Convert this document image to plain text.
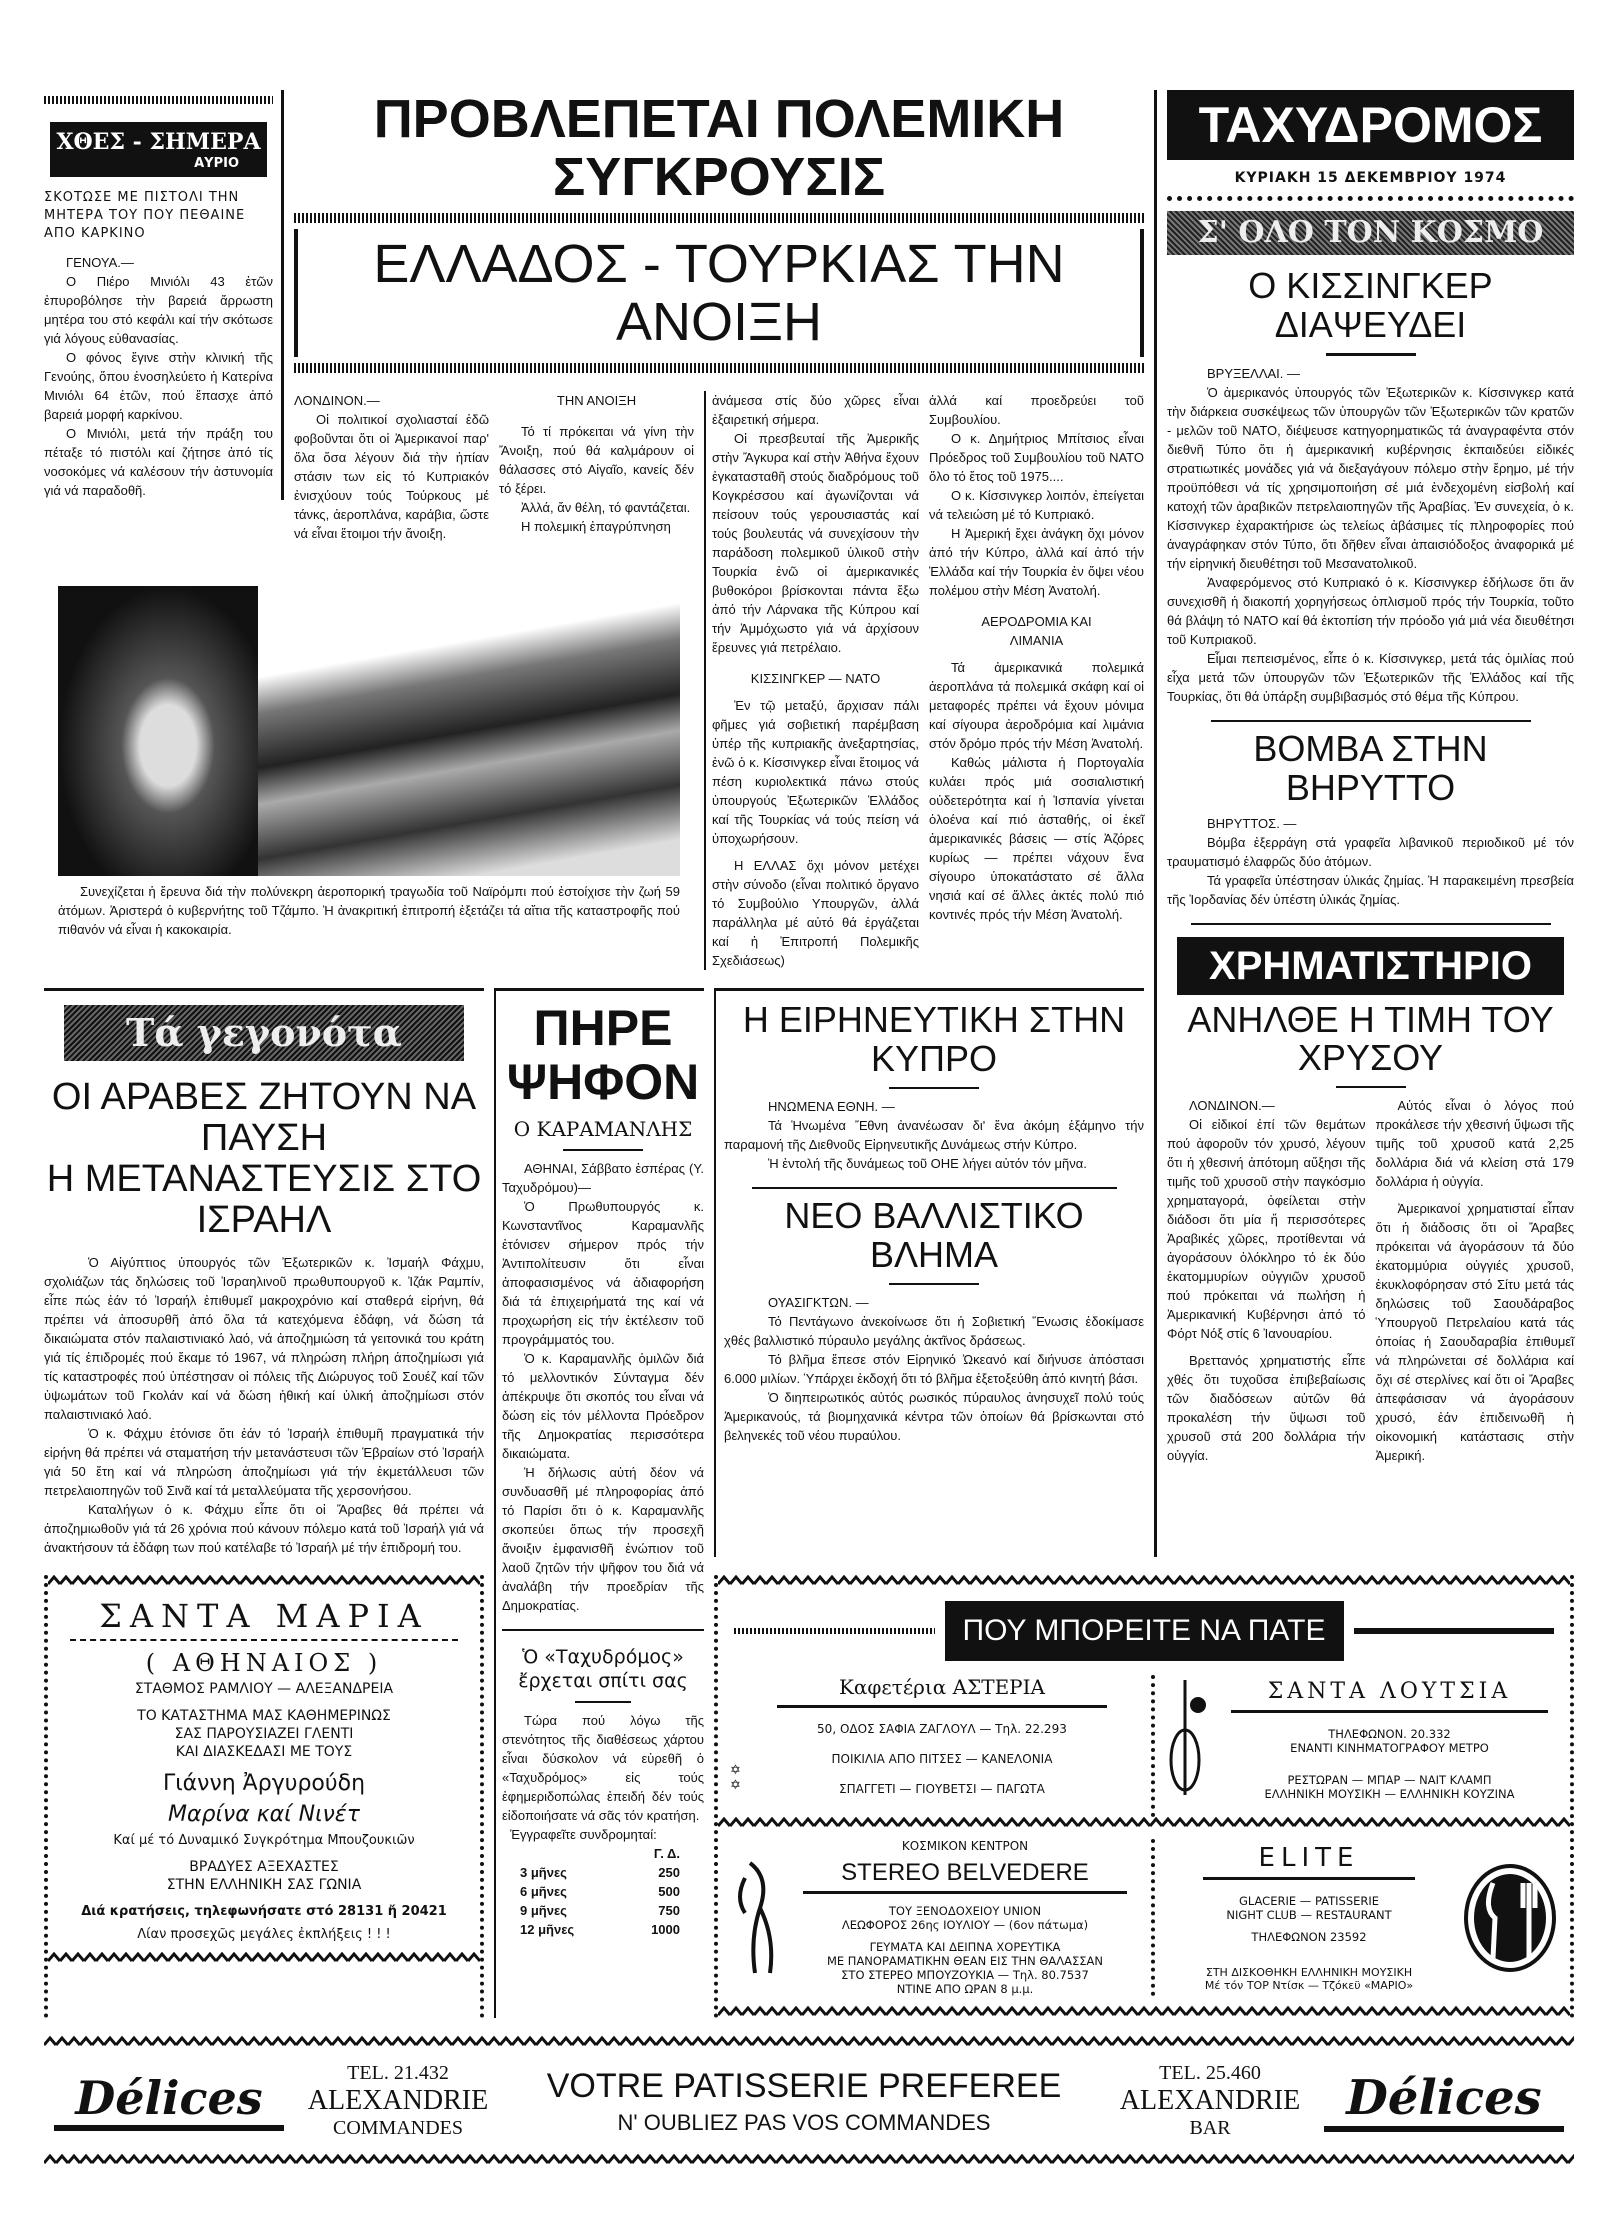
ΧΘΕΣ - ΣΗΜΕΡΑ
ΑΥΡΙΟ
ΣΚΟΤΩΣΕ ΜΕ ΠΙΣΤΟΛΙ ΤΗΝ ΜΗΤΕΡΑ ΤΟΥ ΠΟΥ ΠΕΘΑΙΝΕ ΑΠΟ ΚΑΡΚΙΝΟ

ΓΕΝΟΥΑ.—

Ο Πιέρο Μινιόλι 43 ἐτῶν ἐπυροβόλησε τὴν βαρειά ἄρρωστη μητέρα του στό κεφάλι καί τήν σκότωσε γιά λόγους εὐθανασίας.

Ο φόνος ἔγινε στὴν κλινική τῆς Γενούης, ὅπου ἐνοσηλεύετο ἡ Κατερίνα Μινιόλι 64 ἐτῶν, πού ἔπασχε ἀπό βαρειά μορφή καρκίνου.

Ο Μινιόλι, μετά τήν πράξη του πέταξε τό πιστόλι καί ζήτησε ἀπό τίς νοσοκόμες νά καλέσουν τήν ἀστυνομία γιά νά παραδοθῆ.

ΠΡΟΒΛΕΠΕΤΑΙ ΠΟΛΕΜΙΚΗ ΣΥΓΚΡΟΥΣΙΣ
ΕΛΛΑΔΟΣ - ΤΟΥΡΚΙΑΣ ΤΗΝ ΑΝΟΙΞΗ
ΛΟΝΔΙΝΟΝ.—

Οἱ πολιτικοί σχολιασταί ἐδῶ φοβοῦνται ὅτι οἱ Ἀμερικανοί παρ' ὅλα ὅσα λέγουν διά τὴν ἠπίαν στάσιν των εἰς τό Κυπριακόν ἐνισχύουν τούς Τούρκους μέ τάνκς, ἀεροπλάνα, καράβια, ὥστε νά εἶναι ἕτοιμοι τήν ἄνοιξη.

ΤΗΝ ΑΝΟΙΞΗ

Τό τί πρόκειται νά γίνη τὴν Ἄνοιξη, πού θά καλμάρουν οἱ θάλασσες στό Αἰγαῖο, κανείς δέν τό ξέρει.

Ἀλλά, ἄν θέλη, τό φαντάζεται.

Η πολεμική ἐπαγρύπνηση

ἀνάμεσα στίς δύο χῶρες εἶναι ἐξαιρετική σήμερα.

Οἱ πρεσβευταί τῆς Ἀμερικῆς στὴν Ἄγκυρα καί στὴν Ἀθήνα ἔχουν ἐγκατασταθῆ στούς διαδρόμους τοῦ Κογκρέσσου καί ἀγωνίζονται νά πείσουν τούς γερουσιαστάς καί τούς βουλευτάς νά συνεχίσουν τὴν παράδοση πολεμικοῦ ὑλικοῦ στὴν Τουρκία ἐνῶ οἱ ἀμερικανικές βυθοκόροι βρίσκονται πάντα ἔξω ἀπό τήν Λάρνακα τῆς Κύπρου καί τήν Ἀμμόχωστο γιά νά ἀρχίσουν ἔρευνες γιά πετρέλαιο.

ΚΙΣΣΙΝΓΚΕΡ — ΝΑΤΟ

Ἐν τῷ μεταξύ, ἄρχισαν πάλι φῆμες γιά σοβιετική παρέμβαση ὑπέρ τῆς κυπριακῆς ἀνεξαρτησίας, ἐνῶ ὁ κ. Κίσσινγκερ εἶναι ἕτοιμος νά πέση κυριολεκτικά πάνω στούς ὑπουργούς Ἐξωτερικῶν Ἑλλάδος καί τῆς Τουρκίας νά τούς πείση νά ὑποχωρήσουν.

Η ΕΛΛΑΣ ὄχι μόνον μετέχει στὴν σύνοδο (εἶναι πολιτικό ὄργανο τό Συμβούλιο Υπουργῶν, ἀλλά παράλληλα μέ αὐτό θά ἐργάζεται καί ἡ Ἐπιτροπή Πολεμικῆς Σχεδιάσεως)

ἀλλά καί προεδρεύει τοῦ Συμβουλίου.

Ο κ. Δημήτριος Μπίτσιος εἶναι Πρόεδρος τοῦ Συμβουλίου τοῦ ΝΑΤΟ ὅλο τό ἔτος τοῦ 1975....

Ο κ. Κίσσινγκερ λοιπόν, ἐπείγεται νά τελειώση μέ τό Κυπριακό.

Η Ἀμερική ἔχει ἀνάγκη ὄχι μόνον ἀπό τήν Κύπρο, ἀλλά καί ἀπό τήν Ἑλλάδα καί τήν Τουρκία ἐν ὄψει νέου πολέμου στὴν Μέση Ἀνατολή.

ΑΕΡΟΔΡΟΜΙΑ ΚΑΙ ΛΙΜΑΝΙΑ

Τά ἀμερικανικά πολεμικά ἀεροπλάνα τά πολεμικά σκάφη καί οἱ μεταφορές πρέπει νά ἔχουν μόνιμα καί σίγουρα ἀεροδρόμια καί λιμάνια στόν δρόμο πρός τήν Μέση Ἀνατολή.

Καθώς μάλιστα ἡ Πορτογαλία κυλάει πρός μιά σοσιαλιστική οὐδετερότητα καί ἡ Ἰσπανία γίνεται ὁλοένα καί πιό ἀσταθής, οἱ ἐκεῖ ἀμερικανικές βάσεις — στίς Ἀζόρες κυρίως — πρέπει νάχουν ἕνα σίγουρο ὑποκατάστατο σέ ἄλλα νησιά καί σέ ἄλλες ἀκτές πολύ πιό κοντινές πρός τήν Μέση Ἀνατολή.

Συνεχίζεται ἡ ἔρευνα διά τὴν πολύνεκρη ἀεροπορική τραγωδία τοῦ Ναϊρόμπι πού ἐστοίχισε τὴν ζωή 59 ἀτόμων. Ἀριστερά ὁ κυβερνήτης τοῦ Τζάμπο. Ἡ ἀνακριτική ἐπιτροπή ἐξετάζει τά αἴτια τῆς καταστροφῆς πού πιθανόν νά εἶναι ἡ κακοκαιρία.

ΤΑΧΥΔΡΟΜΟΣ
ΚΥΡΙΑΚΗ 15 ΔΕΚΕΜΒΡΙΟΥ 1974
Σ' ΟΛΟ ΤΟΝ ΚΟΣΜΟ
Ο ΚΙΣΣΙΝΓΚΕΡ ΔΙΑΨΕΥΔΕΙ
ΒΡΥΞΕΛΛΑΙ. —

Ὁ ἀμερικανός ὑπουργός τῶν Ἐξωτερικῶν κ. Κίσσινγκερ κατά τὴν διάρκεια συσκέψεως τῶν ὑπουργῶν τῶν Ἐξωτερικῶν τῶν κρατῶν - μελῶν τοῦ ΝΑΤΟ, διέψευσε κατηγορηματικῶς τά ἀναγραφέντα στόν διεθνῆ Τύπο ὅτι ἡ ἀμερικανική κυβέρνησις ἐκπαιδεύει εἰδικές στρατιωτικές μονάδες γιά νά διεξαγάγουν πόλεμο στὴν ἔρημο, μέ τήν προϋπόθεσι νά τίς χρησιμοποιήση σέ μιά ἐνδεχομένη εἰσβολή καί κατοχή τῶν ἀραβικῶν πετρελαιοπηγῶν τῆς Ἀραβίας. Ἐν συνεχεία, ὁ κ. Κίσσινγκερ ἐχαρακτήρισε ὡς τελείως ἀβάσιμες τίς πληροφορίες πού ἀναγράφηκαν στόν Τύπο, ὅτι δῆθεν εἶναι ἀπαισιόδοξος ἀναφορικά μέ τήν εἰρηνική διευθέτησι τοῦ Μεσανατολικοῦ.

Ἀναφερόμενος στό Κυπριακό ὁ κ. Κίσσινγκερ ἐδήλωσε ὅτι ἄν συνεχισθῆ ἡ διακοπή χορηγήσεως ὁπλισμοῦ πρός τήν Τουρκία, τοῦτο θά βλάψη τό ΝΑΤΟ καί θά ἐκτοπίση τήν πρόοδο γιά μιά νέα διευθέτησι τοῦ Κυπριακοῦ.

Εἶμαι πεπεισμένος, εἶπε ὁ κ. Κίσσινγκερ, μετά τάς ὁμιλίας πού εἶχα μετά τῶν ὑπουργῶν τῶν Ἐξωτερικῶν τῆς Ἑλλάδος καί τῆς Τουρκίας, ὅτι θά ὑπάρξη συμβιβασμός στό θέμα τῆς Κύπρου.

ΒΟΜΒΑ ΣΤΗΝ ΒΗΡΥΤΤΟ
ΒΗΡΥΤΤΟΣ. —

Βόμβα ἐξερράγη στά γραφεῖα λιβανικοῦ περιοδικοῦ μέ τόν τραυματισμό ἐλαφρῶς δύο ἀτόμων.

Τά γραφεῖα ὑπέστησαν ὑλικάς ζημίας. Ἡ παρακειμένη πρεσβεία τῆς Ἰορδανίας δέν ὑπέστη ὑλικάς ζημίας.

ΧΡΗΜΑΤΙΣΤΗΡΙΟ
ΑΝΗΛΘΕ Η ΤΙΜΗ ΤΟΥ ΧΡΥΣΟΥ
ΛΟΝΔΙΝΟΝ.—

Οἱ εἰδικοί ἐπί τῶν θεμάτων πού ἀφοροῦν τόν χρυσό, λέγουν ὅτι ἡ χθεσινή ἀπότομη αὔξησι τῆς τιμῆς τοῦ χρυσοῦ στὴν παγκόσμιο χρηματαγορά, ὀφείλεται στὴν διάδοσι ὅτι μία ἤ περισσότερες Ἀραβικές χῶρες, προτίθενται νά ἀγοράσουν ὁλόκληρο τό ἐκ δύο ἑκατομμυρίων οὐγγιῶν χρυσοῦ πού πρόκειται νά πωλήση ἡ Ἀμερικανική Κυβέρνησι ἀπό τό Φόρτ Νόξ στίς 6 Ἰανουαρίου.

Βρεττανός χρηματιστής εἶπε χθές ὅτι τυχοῦσα ἐπιβεβαίωσις τῶν διαδόσεων αὐτῶν θά προκαλέση τήν ὕψωσι τοῦ χρυσοῦ στά 200 δολλάρια τήν οὐγγία.

Αὐτός εἶναι ὁ λόγος πού προκάλεσε τήν χθεσινή ὕψωσι τῆς τιμῆς τοῦ χρυσοῦ κατά 2,25 δολλάρια διά νά κλείση στά 179 δολλάρια ἡ οὐγγία.

Ἀμερικανοί χρηματισταί εἶπαν ὅτι ἡ διάδοσις ὅτι οἱ Ἄραβες πρόκειται νά ἀγοράσουν τά δύο ἑκατομμύρια οὐγγιές χρυσοῦ, ἐκυκλοφόρησαν στό Σίτυ μετά τάς δηλώσεις τοῦ Σαουδάραβος Ὑπουργοῦ Πετρελαίου κατά τάς ὁποίας ἡ Σαουδαραβία ἐπιθυμεῖ νά πληρώνεται σέ δολλάρια καί ὄχι σέ στερλίνες καί ὅτι οἱ Ἄραβες ἀπεφάσισαν νά ἀγοράσουν χρυσό, ἐάν ἐπιδεινωθῆ ἡ οἰκονομική κατάστασις στὴν Ἀμερική.

Τά γεγονότα
ΟΙ ΑΡΑΒΕΣ ΖΗΤΟΥΝ ΝΑ ΠΑΥΣΗ
Η ΜΕΤΑΝΑΣΤΕΥΣΙΣ ΣΤΟ ΙΣΡΑΗΛ

Ὁ Αἰγύπτιος ὑπουργός τῶν Ἐξωτερικῶν κ. Ἰσμαήλ Φάχμυ, σχολιάζων τάς δηλώσεις τοῦ Ἰσραηλινοῦ πρωθυπουργοῦ κ. Ἰζάκ Ραμπίν, εἶπε πώς ἐάν τό Ἰσραήλ ἐπιθυμεῖ μακροχρόνιο καί σταθερά εἰρήνη, θά πρέπει νά ἀποσυρθῆ ἀπό ὅλα τά κατεχόμενα ἐδάφη, νά δώση τά δικαιώματα στόν παλαιστινιακό λαό, νά ἀποζημιώση τά γειτονικά του κράτη γιά τίς ἐπιδρομές πού ἔκαμε τό 1967, νά πληρώση πλήρη ἀποζημίωσι γιά τίς καταστροφές πού ὑπέστησαν οἱ πόλεις τῆς Διώρυγος τοῦ Σουέζ καί τῶν ὑψωμάτων τοῦ Γκολάν καί νά δώση ἠθική καί ὑλική ἀποζημίωσι στόν παλαιστινιακό λαό.

Ὁ κ. Φάχμυ ἐτόνισε ὅτι ἐάν τό Ἰσραήλ ἐπιθυμῆ πραγματικά τήν εἰρήνη θά πρέπει νά σταματήση τήν μετανάστευσι τῶν Ἑβραίων στό Ἰσραήλ γιά 50 ἔτη καί νά πληρώση ἀποζημίωσι γιά τήν ἐκμετάλλευσι τῶν πετρελαιοπηγῶν τοῦ Σινᾶ καί τά μεταλλεύματα τῆς χερσονήσου.

Καταλήγων ὁ κ. Φάχμυ εἶπε ὅτι οἱ Ἄραβες θά πρέπει νά ἀποζημιωθοῦν γιά τά 26 χρόνια πού κάνουν πόλεμο κατά τοῦ Ἰσραήλ γιά νά ἀνακτήσουν τά ἐδάφη των πού κατέλαβε τό Ἰσραήλ μέ τήν ἐπιδρομή του.

ΠΗΡΕ
ΨΗΦΟΝ
Ο ΚΑΡΑΜΑΝΛΗΣ
ΑΘΗΝΑΙ, Σάββατο ἑσπέρας (Υ. Ταχυδρόμου)—

Ὁ Πρωθυπουργός κ. Κωνσταντῖνος Καραμανλῆς ἐτόνισεν σήμερον πρός τήν Ἀντιπολίτευσιν ὅτι εἶναι ἀποφασισμένος νά ἀδιαφορήση διά τά ἐπιχειρήματά της καί νά προχωρήση εἰς τήν ἐκτέλεσιν τοῦ προγράμματός του.

Ὁ κ. Καραμανλῆς ὁμιλῶν διά τό μελλοντικόν Σύνταγμα δέν ἀπέκρυψε ὅτι σκοπός του εἶναι νά δώση εἰς τόν μέλλοντα Πρόεδρον τῆς Δημοκρατίας περισσότερα δικαιώματα.

Ἡ δήλωσις αὐτή δέον νά συνδυασθῆ μέ πληροφορίας ἀπό τό Παρίσι ὅτι ὁ κ. Καραμανλῆς σκοπεύει ὅπως τήν προσεχῆ ἄνοιξιν ἐμφανισθῆ ἐνώπιον τοῦ λαοῦ ζητῶν τήν ψῆφον του διά νά ἀναλάβη τήν προεδρίαν τῆς Δημοκρατίας.

Ὁ «Ταχυδρόμος» ἔρχεται σπίτι σας

Τώρα πού λόγω τῆς στενότητος τῆς διαθέσεως χάρτου εἶναι δύσκολον νά εὑρεθῆ ὁ «Ταχυδρόμος» εἰς τούς ἐφημεριδοπώλας ἐπειδή δέν τούς εἰδοποιήσατε νά σᾶς τόν κρατήση.

Ἐγγραφεῖτε συνδρομηταί:
Γ. Δ.
3 μῆνες	250
6 μῆνες	500
9 μῆνες	750
12 μῆνες	1000
Η ΕΙΡΗΝΕΥΤΙΚΗ ΣΤΗΝ ΚΥΠΡΟ
ΗΝΩΜΕΝΑ ΕΘΝΗ. —

Τά Ἡνωμένα Ἔθνη ἀνανέωσαν δι' ἕνα ἀκόμη ἑξάμηνο τήν παραμονή τῆς Διεθνοῦς Εἰρηνευτικῆς Δυνάμεως στήν Κύπρο.

Ἡ ἐντολή τῆς δυνάμεως τοῦ ΟΗΕ λήγει αὐτόν τόν μῆνα.

ΝΕΟ ΒΑΛΛΙΣΤΙΚΟ ΒΛΗΜΑ
ΟΥΑΣΙΓΚΤΩΝ. —

Τό Πεντάγωνο ἀνεκοίνωσε ὅτι ἡ Σοβιετική Ἕνωσις ἐδοκίμασε χθές βαλλιστικό πύραυλο μεγάλης ἀκτῖνος δράσεως.

Τό βλῆμα ἔπεσε στόν Εἰρηνικό Ὠκεανό καί διήνυσε ἀπόστασι 6.000 μιλίων. Ὑπάρχει ἐκδοχή ὅτι τό βλῆμα ἐξετοξεύθη ἀπό κινητή βάσι.

Ὁ διηπειρωτικός αὐτός ρωσικός πύραυλος ἀνησυχεῖ πολύ τούς Ἀμερικανούς, τά βιομηχανικά κέντρα τῶν ὁποίων θά βρίσκωνται στό βεληνεκές τοῦ νέου πυραύλου.

ΣΑΝΤΑ ΜΑΡΙΑ
( ΑΘΗΝΑΙΟΣ )
ΣΤΑΘΜΟΣ ΡΑΜΛΙΟΥ — ΑΛΕΞΑΝΔΡΕΙΑ
ΤΟ ΚΑΤΑΣΤΗΜΑ ΜΑΣ ΚΑΘΗΜΕΡΙΝΩΣ
ΣΑΣ ΠΑΡΟΥΣΙΑΖΕΙ ΓΛΕΝΤΙ
ΚΑΙ ΔΙΑΣΚΕΔΑΣΙ ΜΕ ΤΟΥΣ
Γιάννη Ἀργυρούδη
Μαρίνα καί Νινέτ
Καί μέ τό Δυναμικό Συγκρότημα Μπουζουκιῶν
ΒΡΑΔΥΕΣ ΑΞΕΧΑΣΤΕΣ
ΣΤΗΝ ΕΛΛΗΝΙΚΗ ΣΑΣ ΓΩΝΙΑ
Διά κρατήσεις, τηλεφωνήσατε στό 28131 ἤ 20421
Λίαν προσεχῶς μεγάλες ἐκπλήξεις ! ! !
ΠΟΥ ΜΠΟΡΕΙΤΕ ΝΑ ΠΑΤΕ
✡
✡
Καφετέρια ΑΣΤΕΡΙΑ
50, ΟΔΟΣ ΣΑΦΙΑ ΖΑΓΛΟΥΛ — Τηλ. 22.293
ΠΟΙΚΙΛΙΑ ΑΠΟ ΠΙΤΣΕΣ — ΚΑΝΕΛΟΝΙΑ
ΣΠΑΓΓΕΤΙ — ΓΙΟΥΒΕΤΣΙ — ΠΑΓΩΤΑ
ΣΑΝΤΑ ΛΟΥΤΣΙΑ
ΤΗΛΕΦΩΝΟΝ. 20.332
ΕΝΑΝΤΙ ΚΙΝΗΜΑΤΟΓΡΑΦΟΥ ΜΕΤΡΟ
ΡΕΣΤΩΡΑΝ — ΜΠΑΡ — ΝΑΙΤ ΚΛΑΜΠ
ΕΛΛΗΝΙΚΗ ΜΟΥΣΙΚΗ — ΕΛΛΗΝΙΚΗ ΚΟΥΖΙΝΑ
ΚΟΣΜΙΚΟΝ ΚΕΝΤΡΟΝ
STEREO BELVEDERE
ΤΟΥ ΞΕΝΟΔΟΧΕΙΟΥ UNION
ΛΕΩΦΟΡΟΣ 26ης ΙΟΥΛΙΟΥ — (6ον πάτωμα)
ΓΕΥΜΑΤΑ ΚΑΙ ΔΕΙΠΝΑ ΧΟΡΕΥΤΙΚΑ
ΜΕ ΠΑΝΟΡΑΜΑΤΙΚΗΝ ΘΕΑΝ ΕΙΣ ΤΗΝ ΘΑΛΑΣΣΑΝ
ΣΤΟ ΣΤΕΡΕΟ ΜΠΟΥΖΟΥΚΙΑ — Τηλ. 80.7537
ΝΤΙΝΕ ΑΠΟ ΩΡΑΝ 8 μ.μ.
ELITE
GLACERIE — PATISSERIE
NIGHT CLUB — RESTAURANT
ΤΗΛΕΦΩΝΟΝ 23592
ΣΤΗ ΔΙΣΚΟΘΗΚΗ ΕΛΛΗΝΙΚΗ ΜΟΥΣΙΚΗ
Μέ τόν ΤΟΡ Ντίσκ — Τζόκεϋ «ΜΑΡΙΟ»
Délices	TEL. 21.432
ALEXANDRIE
COMMANDES
VOTRE PATISSERIE PREFEREE
N' OUBLIEZ PAS VOS COMMANDES
TEL. 25.460
ALEXANDRIE
BAR
Délices
